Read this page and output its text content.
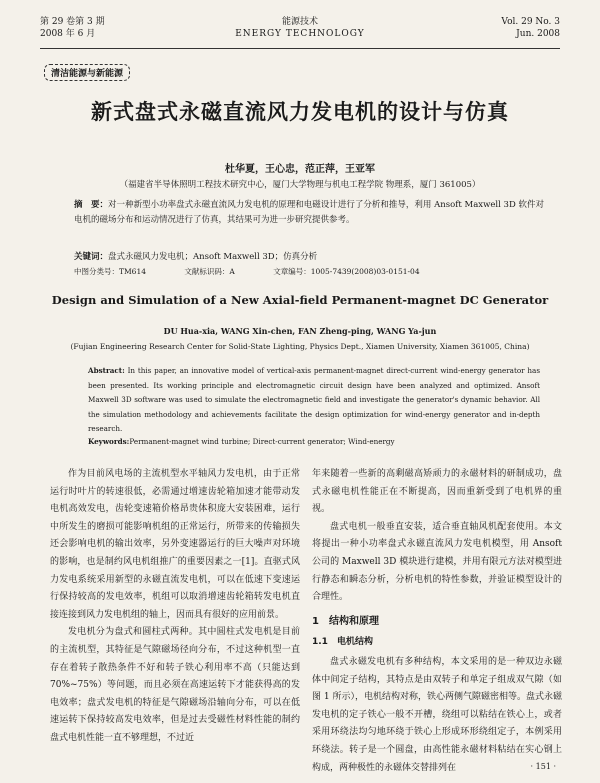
第 29 卷第 3 期
2008 年 6 月
能源技术
ENERGY TECHNOLOGY
Vol. 29 No. 3
Jun. 2008
清洁能源与新能源
新式盘式永磁直流风力发电机的设计与仿真
杜华夏，王心忠，范正萍，王亚军
（福建省半导体照明工程技术研究中心，厦门大学物理与机电工程学院 物理系，厦门 361005）
摘　要：对一种新型小功率盘式永磁直流风力发电机的原理和电磁设计进行了分析和推导，利用 Ansoft Maxwell 3D 软件对电机的磁场分布和运动情况进行了仿真，其结果可为进一步研究提供参考。
关键词：盘式永磁风力发电机；Ansoft Maxwell 3D；仿真分析
中图分类号：TM614	文献标识码：A	文章编号：1005-7439(2008)03-0151-04
Design and Simulation of a New Axial-field Permanent-magnet DC Generator
DU Hua-xia, WANG Xin-chen, FAN Zheng-ping, WANG Ya-jun
(Fujian Engineering Research Center for Solid-State Lighting, Physics Dept., Xiamen University, Xiamen 361005, China)
Abstract: In this paper, an innovative model of vertical-axis permanent-magnet direct-current wind-energy generator has been presented. Its working principle and electromagnetic circuit design have been analyzed and optimized. Ansoft Maxwell 3D software was used to simulate the electromagnetic field and investigate the generator's dynamic behavior. All the simulation methodology and achievements facilitate the design optimization for wind-energy generator and in-depth research.
Keywords:Permanent-magnet wind turbine; Direct-current generator; Wind-energy

作为目前风电场的主流机型水平轴风力发电机，由于正常运行时叶片的转速很低，必需通过增速齿轮箱加速才能带动发电机高效发电，齿轮变速箱价格昂贵体积庞大安装困难，运行中所发生的磨损可能影响机组的正常运行，所带来的传输损失还会影响电机的输出效率，另外变速器运行的巨大噪声对环境的影响，也是制约风电机组推广的重要因素之一[1]。直驱式风力发电系统采用新型的永磁直流发电机，可以在低速下变速运行保持较高的发电效率，机组可以取消增速齿轮箱转发电机直接连接到风力发电机组的轴上，因而具有很好的应用前景。

发电机分为盘式和圆柱式两种。其中圆柱式发电机是目前的主流机型，其特征是气隙磁场径向分布，不过这种机型一直存在着转子散热条件不好和转子铁心利用率不高（只能达到 70%~75%）等问题，而且必须在高速运转下才能获得高的发电效率；盘式发电机的特征是气隙磁场沿轴向分布，可以在低速运转下保持较高发电效率，但是过去受磁性材料性能的制约盘式电机性能一直不够理想，不过近

年来随着一些新的高剩磁高矫顽力的永磁材料的研制成功，盘式永磁电机性能正在不断提高，因而重新受到了电机界的重视。

盘式电机一般垂直安装，适合垂直轴风机配套使用。本文将提出一种小功率盘式永磁直流风力发电机模型，用 Ansoft 公司的 Maxwell 3D 模块进行建模，并用有限元方法对模型进行静态和瞬态分析，分析电机的特性参数，并验证模型设计的合理性。

1　结构和原理
1.1　电机结构

盘式永磁发电机有多种结构，本文采用的是一种双边永磁体中间定子结构，其特点是由双转子和单定子组成双气隙（如图 1 所示），电机结构对称，铁心两侧气隙磁密相等。盘式永磁发电机的定子铁心一般不开槽，绕组可以粘结在铁心上，或者采用环绕法均匀地环绕于铁心上形成环形绕组定子，本例采用环绕法。转子是一个圆盘，由高性能永磁材料粘结在实心钢上构成，两种极性的永磁体交替排列在	· 151 ·
